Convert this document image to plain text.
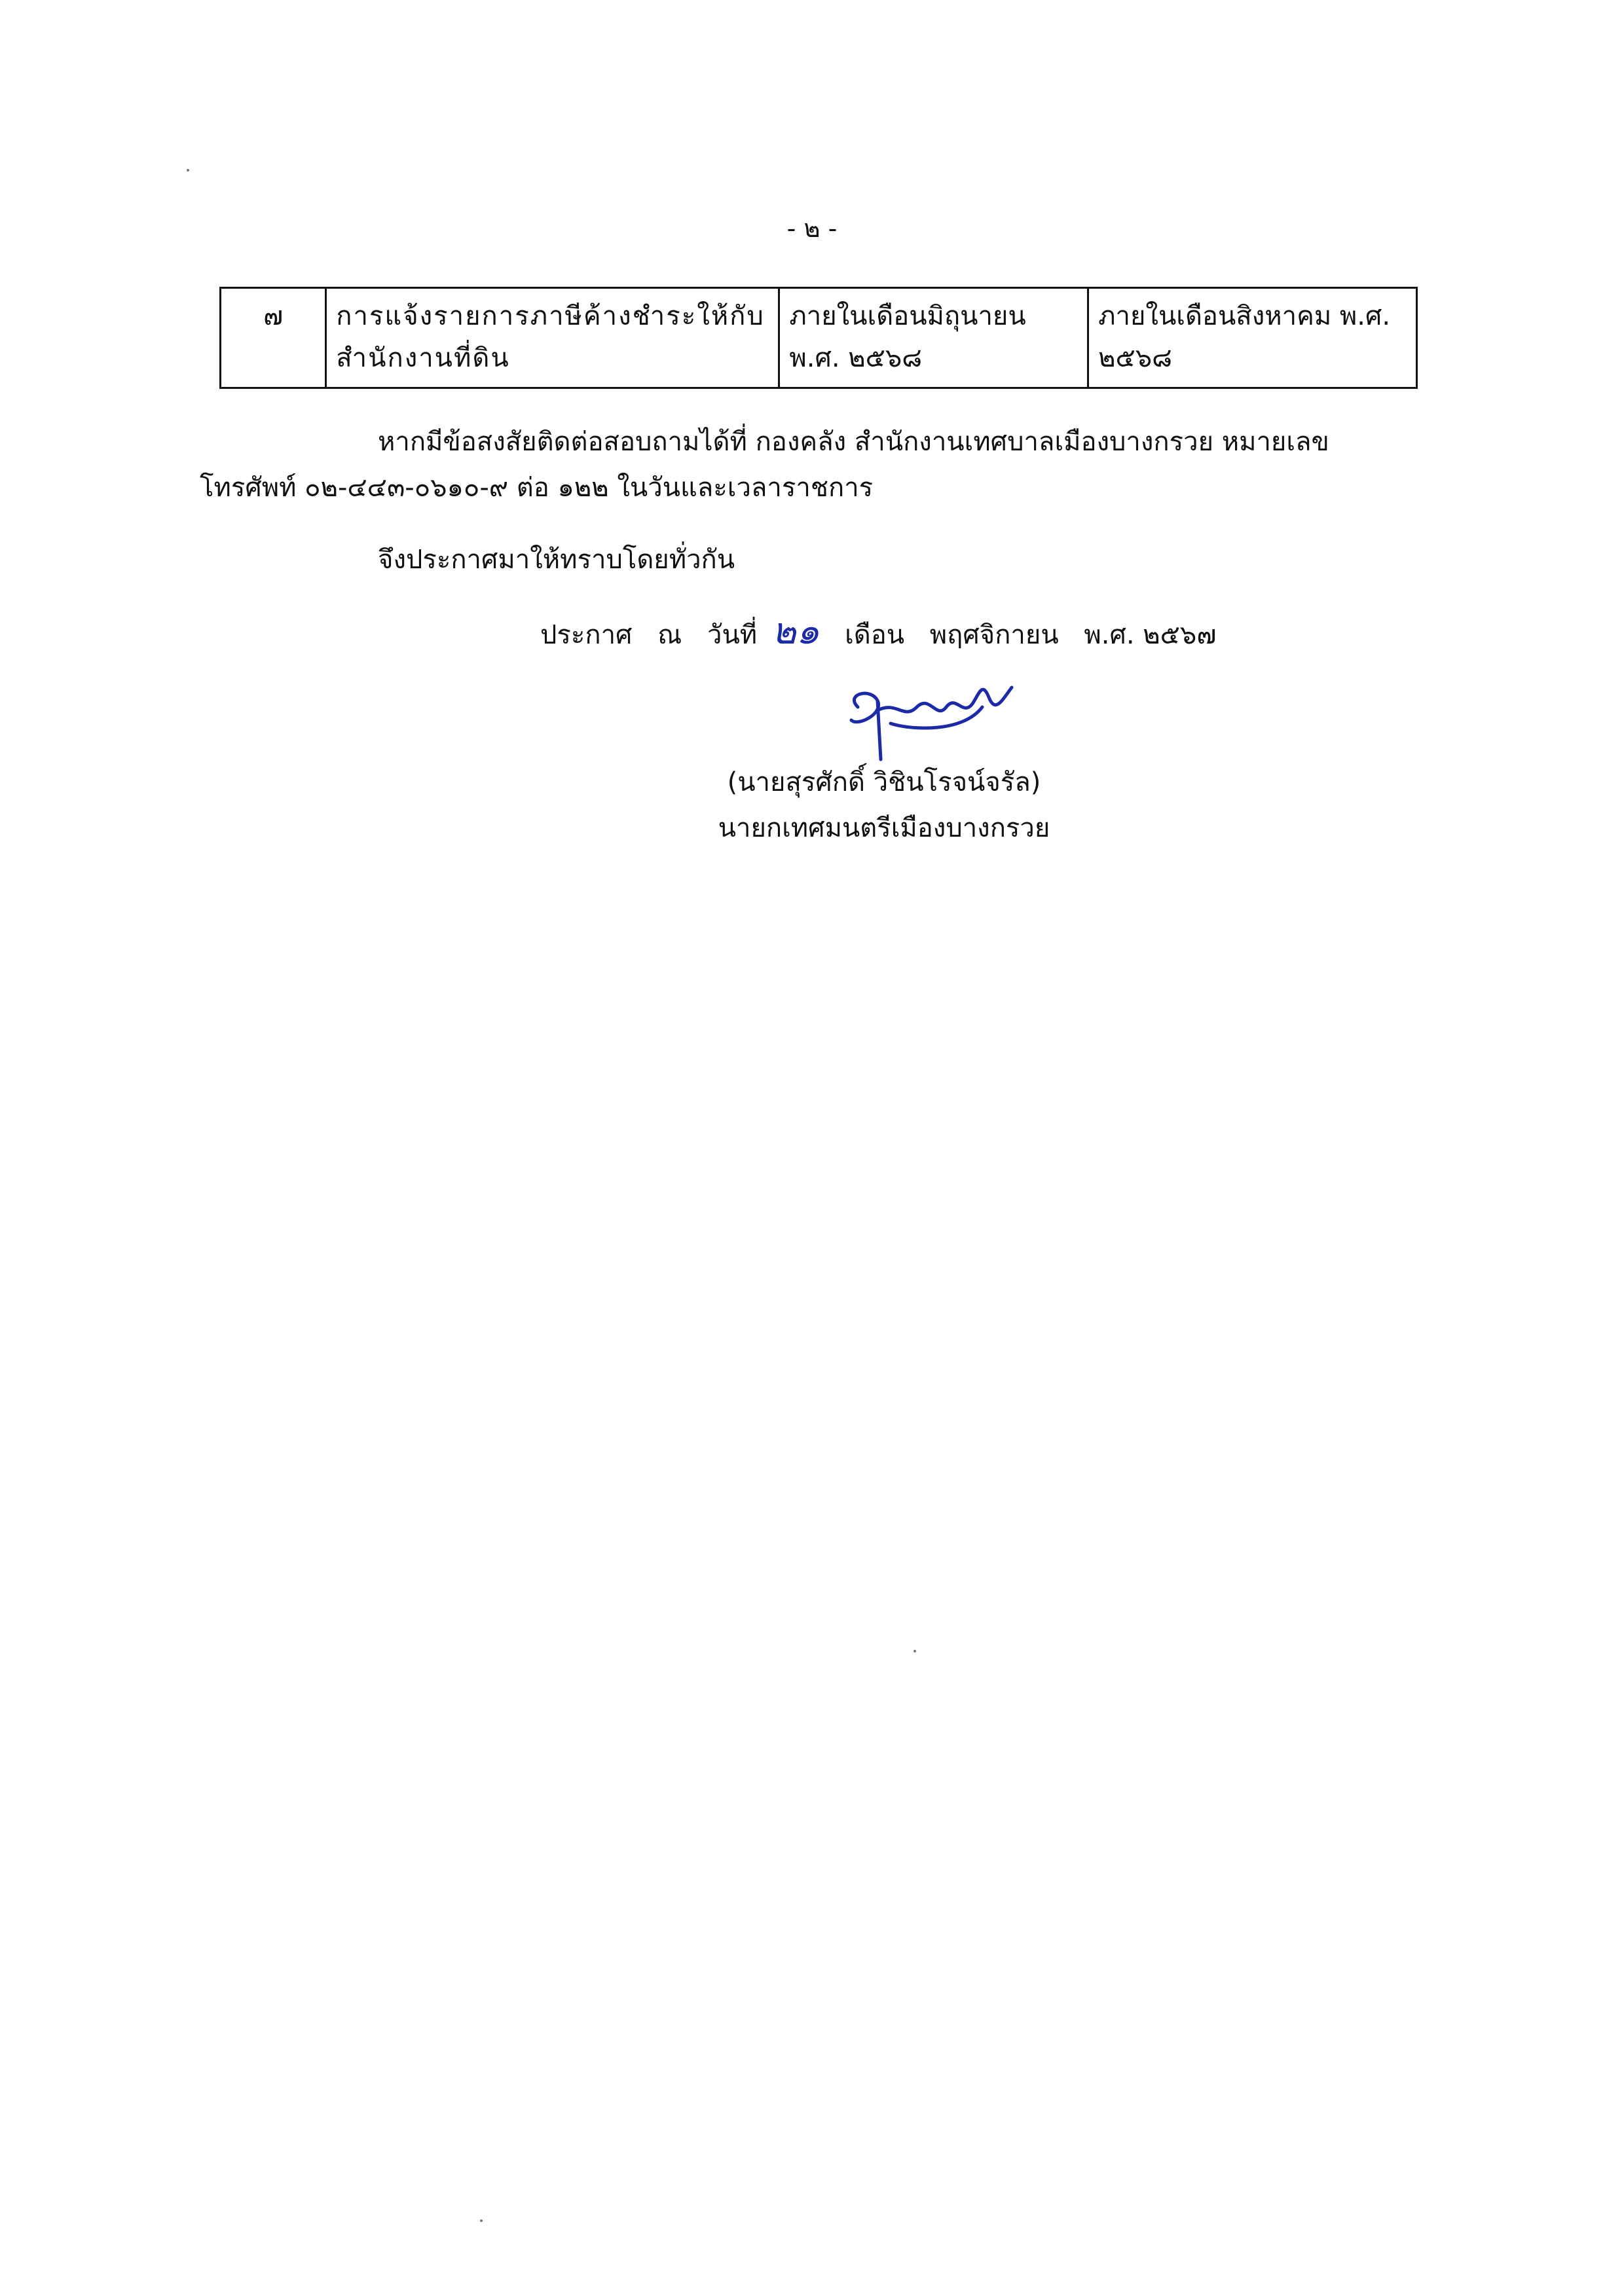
- ๒ -
๗	การแจ้งรายการภาษีค้างชำระให้กับสำนักงานที่ดิน	ภายในเดือนมิถุนายน พ.ศ. ๒๕๖๘	ภายในเดือนสิงหาคม พ.ศ. ๒๕๖๘
หากมีข้อสงสัยติดต่อสอบถามได้ที่ กองคลัง สำนักงานเทศบาลเมืองบางกรวย หมายเลขโทรศัพท์ ๐๒-๔๔๓-๐๖๑๐-๙ ต่อ ๑๒๒ ในวันและเวลาราชการ
จึงประกาศมาให้ทราบโดยทั่วกัน
ประกาศ ณ วันที่ ๒๑ เดือน พฤศจิกายน พ.ศ. ๒๕๖๗
(นายสุรศักดิ์ วิชินโรจน์จรัล)
นายกเทศมนตรีเมืองบางกรวย
